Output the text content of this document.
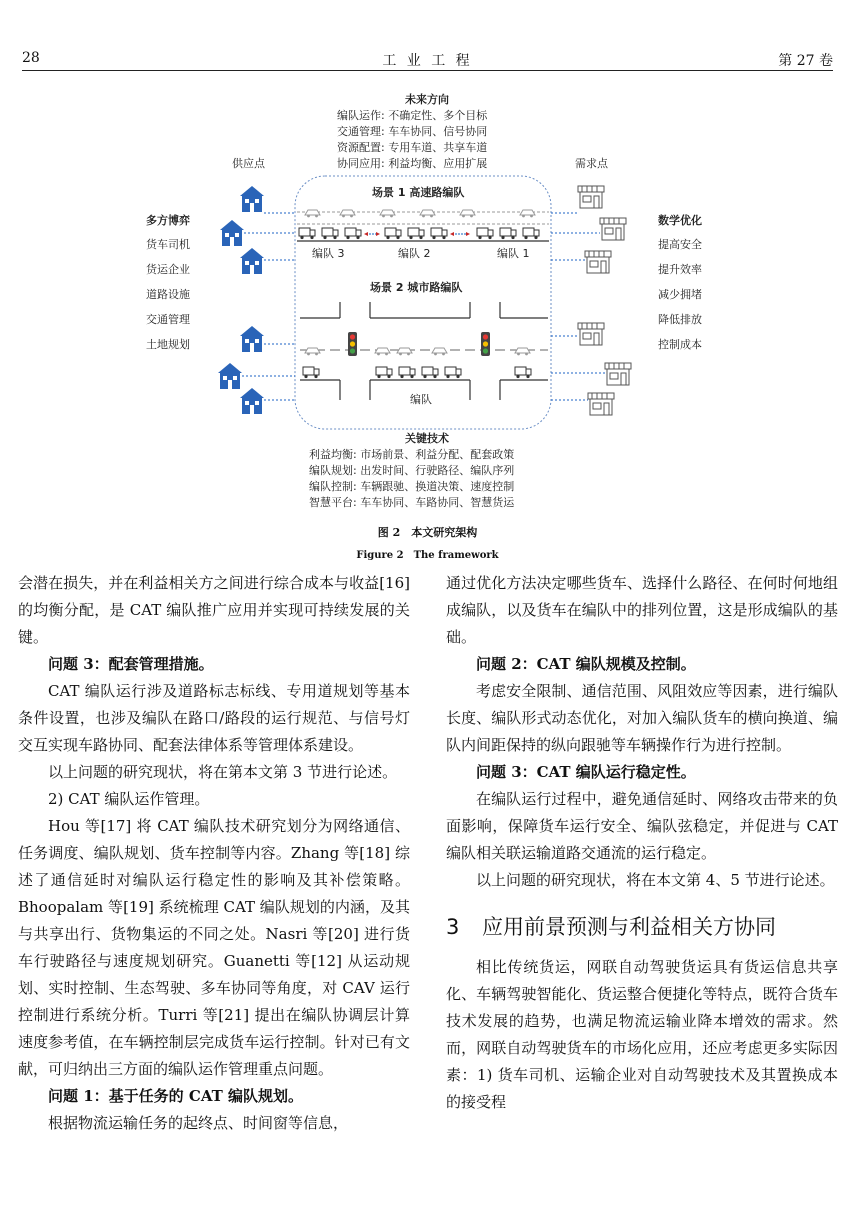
28	工 业 工 程	第 27 卷
未来方向
编队运作: 不确定性、多个目标
交通管理: 车车协同、信号协同
资源配置: 专用车道、共享车道
协同应用: 利益均衡、应用扩展
供应点	需求点
多方博弈
货车司机
货运企业
道路设施
交通管理
土地规划
数学优化
提高安全
提升效率
减少拥堵
降低排放
控制成本
场景 1 高速路编队
编队 3	编队 2	编队 1
场景 2 城市路编队
编队
关键技术
利益均衡: 市场前景、利益分配、配套政策
编队规划: 出发时间、行驶路径、编队序列
编队控制: 车辆跟驰、换道决策、速度控制
智慧平台: 车车协同、车路协同、智慧货运
图 2　本文研究架构
Figure 2　The framework

会潜在损失，并在利益相关方之间进行综合成本与收益[16]的均衡分配，是 CAT 编队推广应用并实现可持续发展的关键。

问题 3：配套管理措施。

CAT 编队运行涉及道路标志标线、专用道规划等基本条件设置，也涉及编队在路口/路段的运行规范、与信号灯交互实现车路协同、配套法律体系等管理体系建设。

以上问题的研究现状，将在第本文第 3 节进行论述。

2) CAT 编队运作管理。

Hou 等[17] 将 CAT 编队技术研究划分为网络通信、任务调度、编队规划、货车控制等内容。Zhang 等[18] 综述了通信延时对编队运行稳定性的影响及其补偿策略。Bhoopalam 等[19] 系统梳理 CAT 编队规划的内涵，及其与共享出行、货物集运的不同之处。Nasri 等[20] 进行货车行驶路径与速度规划研究。Guanetti 等[12] 从运动规划、实时控制、生态驾驶、多车协同等角度，对 CAV 运行控制进行系统分析。Turri 等[21] 提出在编队协调层计算速度参考值，在车辆控制层完成货车运行控制。针对已有文献，可归纳出三方面的编队运作管理重点问题。

问题 1：基于任务的 CAT 编队规划。

根据物流运输任务的起终点、时间窗等信息，

通过优化方法决定哪些货车、选择什么路径、在何时何地组成编队，以及货车在编队中的排列位置，这是形成编队的基础。

问题 2：CAT 编队规模及控制。

考虑安全限制、通信范围、风阻效应等因素，进行编队长度、编队形式动态优化，对加入编队货车的横向换道、编队内间距保持的纵向跟驰等车辆操作行为进行控制。

问题 3：CAT 编队运行稳定性。

在编队运行过程中，避免通信延时、网络攻击带来的负面影响，保障货车运行安全、编队弦稳定，并促进与 CAT 编队相关联运输道路交通流的运行稳定。

以上问题的研究现状，将在本文第 4、5 节进行论述。

3 应用前景预测与利益相关方协同

相比传统货运，网联自动驾驶货运具有货运信息共享化、车辆驾驶智能化、货运整合便捷化等特点，既符合货车技术发展的趋势，也满足物流运输业降本增效的需求。然而，网联自动驾驶货车的市场化应用，还应考虑更多实际因素：1) 货车司机、运输企业对自动驾驶技术及其置换成本的接受程
